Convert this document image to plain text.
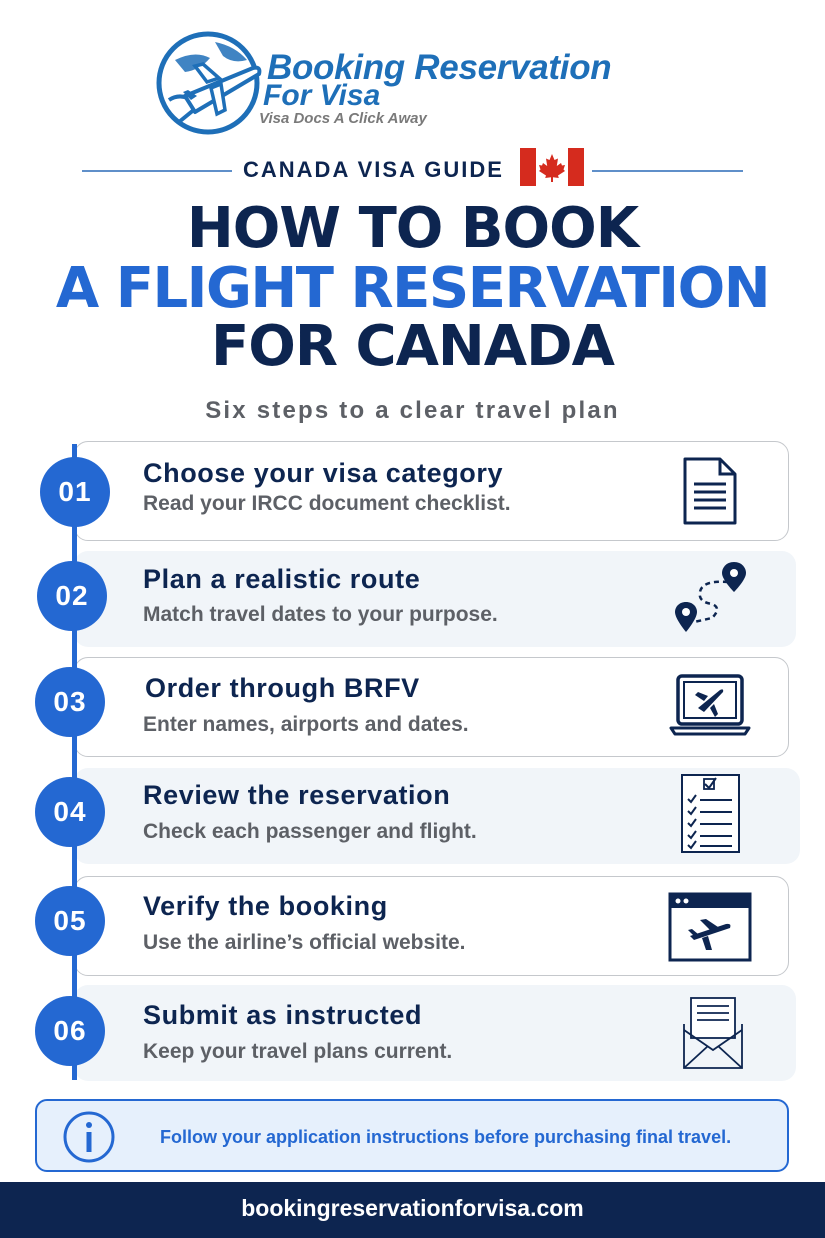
Booking Reservation
For Visa
Visa Docs A Click Away
CANADA VISA GUIDE
HOW TO BOOK
A FLIGHT RESERVATION
FOR CANADA
Six steps to a clear travel plan
01
Choose your visa category
Read your IRCC document checklist.
02
Plan a realistic route
Match travel dates to your purpose.
03	Order through BRFV
Enter names, airports and dates.
04
Review the reservation
Check each passenger and flight.
05	Verify the booking
Use the airline’s official website.
06	Submit as instructed
Keep your travel plans current.
Follow your application instructions before purchasing final travel.
bookingreservationforvisa.com
